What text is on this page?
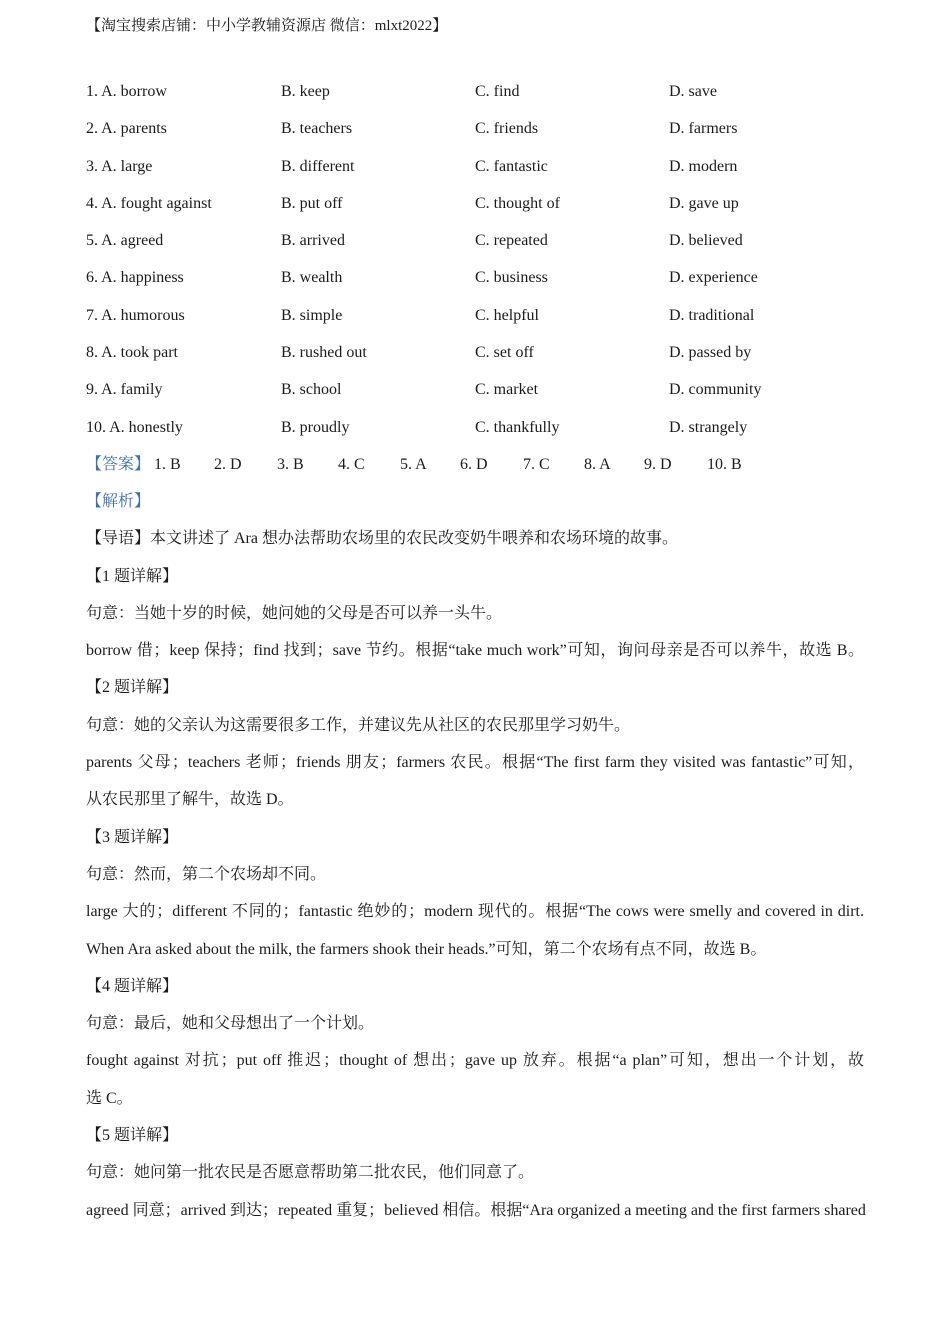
【淘宝搜索店铺：中小学教辅资源店 微信：mlxt2022】
1. A. borrow	B. keep	C. find	D. save
2. A. parents	B. teachers	C. friends	D. farmers
3. A. large	B. different	C. fantastic	D. modern
4. A. fought against	B. put off	C. thought of	D. gave up
5. A. agreed	B. arrived	C. repeated	D. believed
6. A. happiness	B. wealth	C. business	D. experience
7. A. humorous	B. simple	C. helpful	D. traditional
8. A. took part	B. rushed out	C. set off	D. passed by
9. A. family	B. school	C. market	D. community
10. A. honestly	B. proudly	C. thankfully	D. strangely
【答案】 1. B 2. D 3. B 4. C 5. A 6. D 7. C 8. A 9. D 10. B
【解析】
【导语】本文讲述了 Ara 想办法帮助农场里的农民改变奶牛喂养和农场环境的故事。
【1 题详解】
句意：当她十岁的时候，她问她的父母是否可以养一头牛。
borrow 借；keep 保持；find 找到；save 节约。根据“take much work”可知，询问母亲是否可以养牛，故选 B。
【2 题详解】
句意：她的父亲认为这需要很多工作，并建议先从社区的农民那里学习奶牛。
parents 父母；teachers 老师；friends 朋友；farmers 农民。根据“The first farm they visited was fantastic”可知，
从农民那里了解牛，故选 D。
【3 题详解】
句意：然而，第二个农场却不同。
large 大的；different 不同的；fantastic 绝妙的；modern 现代的。根据“The cows were smelly and covered in dirt.
When Ara asked about the milk, the farmers shook their heads.”可知，第二个农场有点不同，故选 B。
【4 题详解】
句意：最后，她和父母想出了一个计划。
fought against 对抗；put off 推迟；thought of 想出；gave up 放弃。根据“a plan”可知，想出一个计划，故
选 C。
【5 题详解】
句意：她问第一批农民是否愿意帮助第二批农民，他们同意了。
agreed 同意；arrived 到达；repeated 重复；believed 相信。根据“Ara organized a meeting and the first farmers shared
